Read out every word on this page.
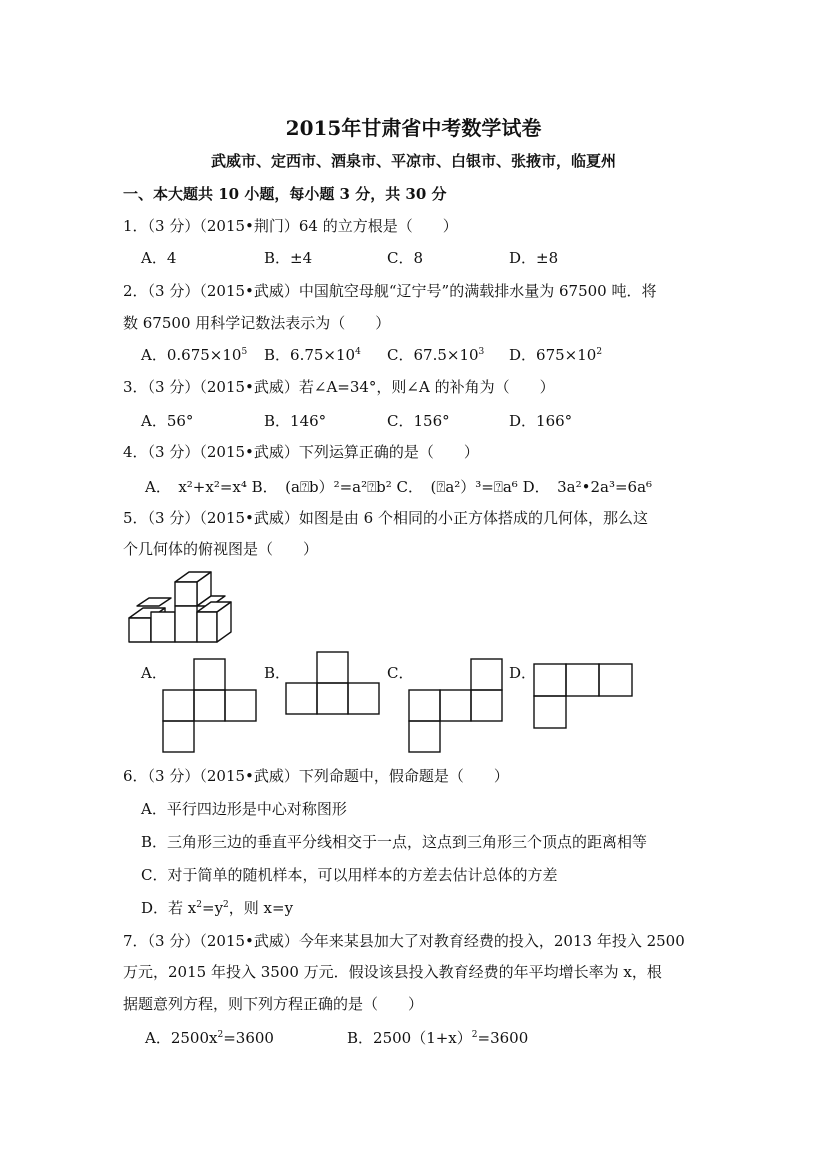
2015年甘肃省中考数学试卷
武威市、定西市、酒泉市、平凉市、白银市、张掖市，临夏州
一、本大题共 10 小题，每小题 3 分，共 30 分
1．（3 分）（2015•荆门）64 的立方根是（　　）
A．4	B．±4	C．8	D．±8
2．（3 分）（2015•武威）中国航空母舰“辽宁号”的满载排水量为 67500 吨．将
数 67500 用科学记数法表示为（　　）
A．$0.675\times 10^5$ B．$6.75\times 10^4$ C．$67.5\times 10^3$ D．$675\times 10^2$
3．（3 分）（2015•武威）若∠A=34°，则∠A 的补角为（　　）
A．56°	B．146°	C．156°	D．166°
4．（3 分）（2015•武威）下列运算正确的是（　　）
A．　x²+x²=x⁴ B．　(a⍰b）²=a²⍰b² C．　(⍰a²）³=⍰a⁶ D．　3a²•2a³=6a⁶
5．（3 分）（2015•武威）如图是由 6 个相同的小正方体搭成的几何体，那么这
个几何体的俯视图是（　　）
A．	B．	C．	D．
6．（3 分）（2015•武威）下列命题中，假命题是（　　）
A．平行四边形是中心对称图形
B．三角形三边的垂直平分线相交于一点，这点到三角形三个顶点的距离相等
C．对于简单的随机样本，可以用样本的方差去估计总体的方差
D．若 $x^2=y^2$，则 x=y
7．（3 分）（2015•武威）今年来某县加大了对教育经费的投入，2013 年投入 2500
万元，2015 年投入 3500 万元．假设该县投入教育经费的年平均增长率为 x，根
据题意列方程，则下列方程正确的是（　　）
A．$2500x^2=3600$	B．$2500(1+x)^2=3600$
